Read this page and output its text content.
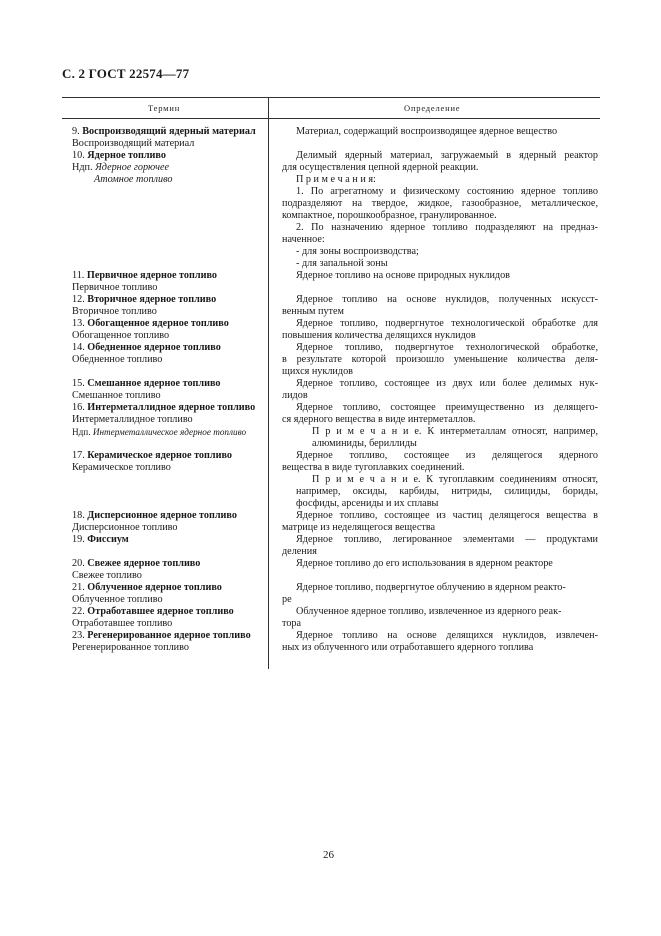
С. 2 ГОСТ 22574—77
Термин	Определение
9. Воспроизводящий ядерный материал
Воспроизводящий материал
10. Ядерное топливо
Ндп. Ядерное горючее
Атомное топливо
11. Первичное ядерное топливо
Первичное топливо
12. Вторичное ядерное топливо
Вторичное топливо
13. Обогащенное ядерное топливо
Обогащенное топливо
14. Обедненное ядерное топливо
Обедненное топливо
15. Смешанное ядерное топливо
Смешанное топливо
16. Интерметаллидное ядерное топливо
Интерметаллидное топливо
Ндп. Интерметаллическое ядерное топливо
17. Керамическое ядерное топливо
Керамическое топливо
18. Дисперсионное ядерное топливо
Дисперсионное топливо
19. Фиссиум
20. Свежее ядерное топливо
Свежее топливо
21. Облученное ядерное топливо
Облученное топливо
22. Отработавшее ядерное топливо
Отработавшее топливо
23. Регенерированное ядерное топливо
Регенерированное топливо
Материал, содержащий воспроизводящее ядерное вещество
Делимый ядерный материал, загружаемый в ядерный реактор
для осуществления цепной ядерной реакции.
П р и м е ч а н и я:
1. По агрегатному и физическому состоянию ядерное топливо
подразделяют на твердое, жидкое, газообразное, металлическое,
компактное, порошкообразное, гранулированное.
2. По назначению ядерное топливо подразделяют на предназ-
наченное:
- для зоны воспроизводства;
- для запальной зоны
Ядерное топливо на основе природных нуклидов
Ядерное топливо на основе нуклидов, полученных искусст-
венным путем
Ядерное топливо, подвергнутое технологической обработке для
повышения количества делящихся нуклидов
Ядерное топливо, подвергнутое технологической обработке,
в результате которой произошло уменьшение количества деля-
щихся нуклидов
Ядерное топливо, состоящее из двух или более делимых нук-
лидов
Ядерное топливо, состоящее преимущественно из делящего-
ся ядерного вещества в виде интерметаллов.
П р и м е ч а н и е. К интерметаллам относят, например,
алюминиды, бериллиды
Ядерное топливо, состоящее из делящегося ядерного
вещества в виде тугоплавких соединений.
П р и м е ч а н и е. К тугоплавким соединениям относят,
например, оксиды, карбиды, нитриды, силициды, бориды,
фосфиды, арсениды и их сплавы
Ядерное топливо, состоящее из частиц делящегося вещества в
матрице из неделящегося вещества
Ядерное топливо, легированное элементами — продуктами
деления
Ядерное топливо до его использования в ядерном реакторе
Ядерное топливо, подвергнутое облучению в ядерном реакто-
ре
Облученное ядерное топливо, извлеченное из ядерного реак-
тора
Ядерное топливо на основе делящихся нуклидов, извлечен-
ных из облученного или отработавшего ядерного топлива
26
